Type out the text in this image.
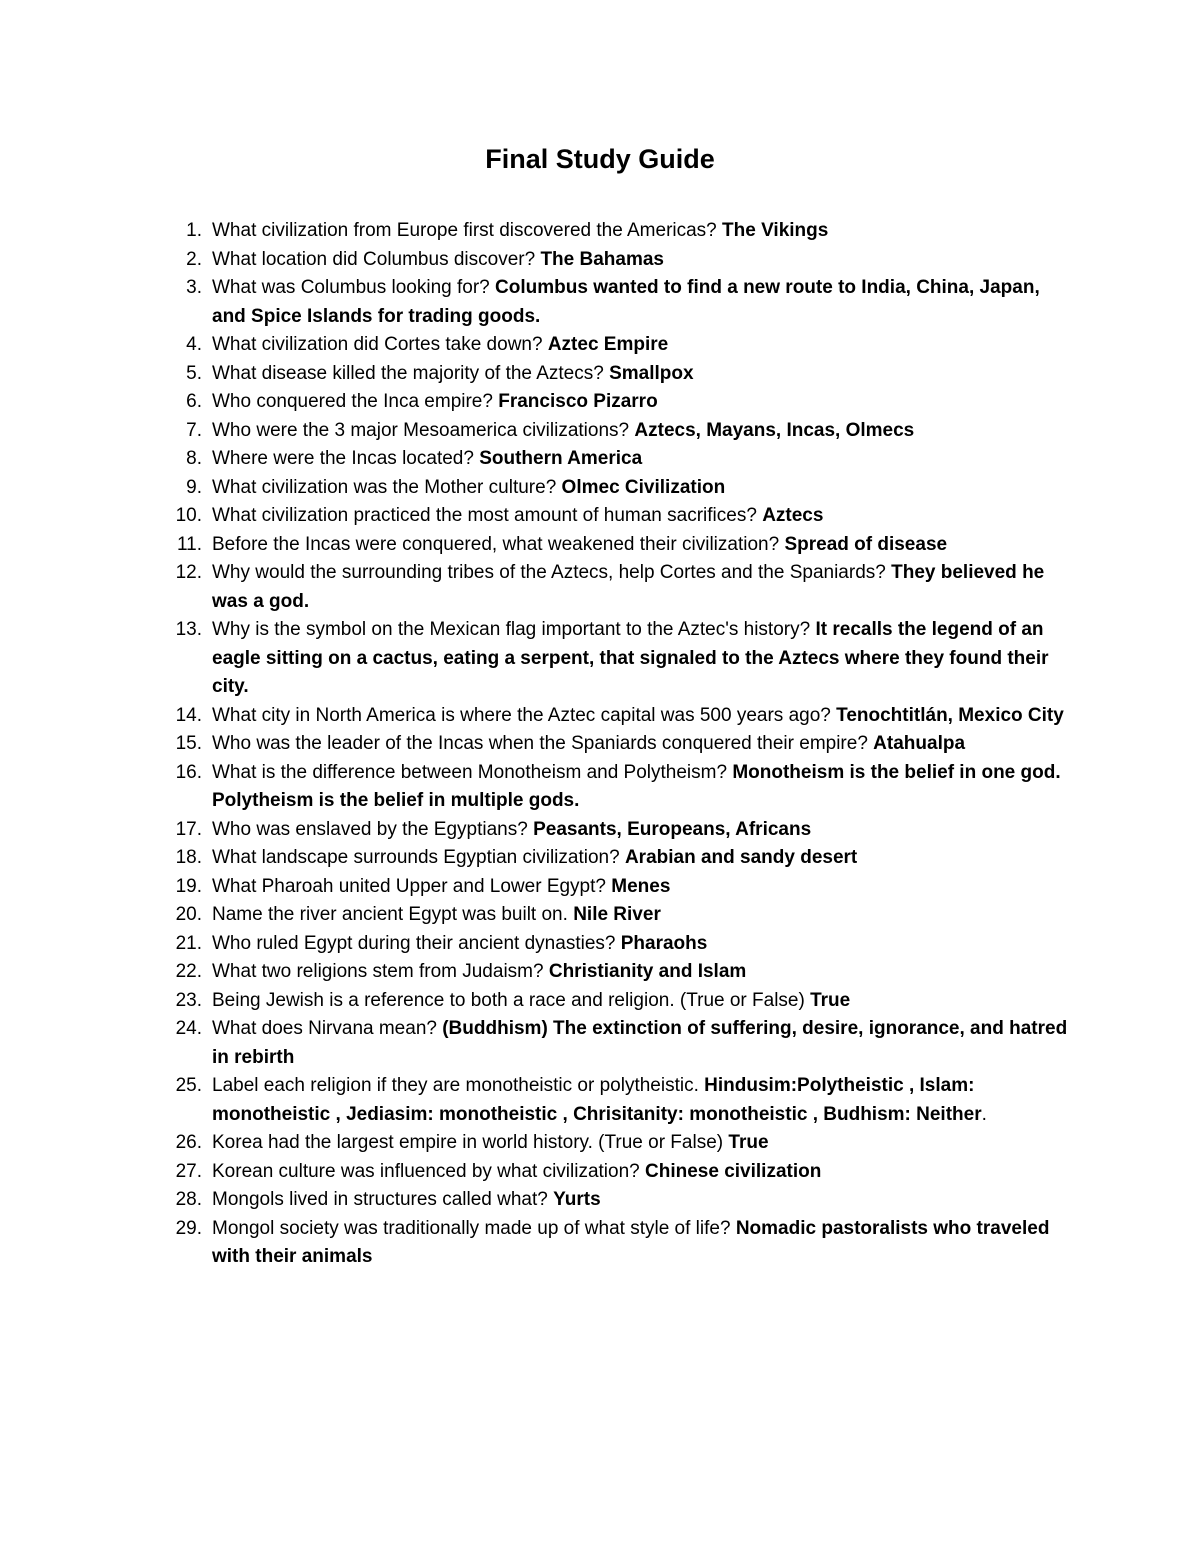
Final Study Guide
1. What civilization from Europe first discovered the Americas? The Vikings
2. What location did Columbus discover? The Bahamas
3. What was Columbus looking for? Columbus wanted to find a new route to India, China, Japan, and Spice Islands for trading goods.
4. What civilization did Cortes take down? Aztec Empire
5. What disease killed the majority of the Aztecs? Smallpox
6. Who conquered the Inca empire? Francisco Pizarro
7. Who were the 3 major Mesoamerica civilizations? Aztecs, Mayans, Incas, Olmecs
8. Where were the Incas located? Southern America
9. What civilization was the Mother culture? Olmec Civilization
10. What civilization practiced the most amount of human sacrifices? Aztecs
11. Before the Incas were conquered, what weakened their civilization? Spread of disease
12. Why would the surrounding tribes of the Aztecs, help Cortes and the Spaniards? They believed he was a god.
13. Why is the symbol on the Mexican flag important to the Aztec's history? It recalls the legend of an eagle sitting on a cactus, eating a serpent, that signaled to the Aztecs where they found their city.
14. What city in North America is where the Aztec capital was 500 years ago? Tenochtitlán, Mexico City
15. Who was the leader of the Incas when the Spaniards conquered their empire? Atahualpa
16. What is the difference between Monotheism and Polytheism? Monotheism is the belief in one god. Polytheism is the belief in multiple gods.
17. Who was enslaved by the Egyptians? Peasants, Europeans, Africans
18. What landscape surrounds Egyptian civilization? Arabian and sandy desert
19. What Pharoah united Upper and Lower Egypt? Menes
20. Name the river ancient Egypt was built on. Nile River
21. Who ruled Egypt during their ancient dynasties? Pharaohs
22. What two religions stem from Judaism? Christianity and Islam
23. Being Jewish is a reference to both a race and religion. (True or False) True
24. What does Nirvana mean? (Buddhism) The extinction of suffering, desire, ignorance, and hatred in rebirth
25. Label each religion if they are monotheistic or polytheistic. Hindusim:Polytheistic , Islam: monotheistic , Jediasim: monotheistic , Chrisitanity: monotheistic , Budhism: Neither.
26. Korea had the largest empire in world history. (True or False) True
27. Korean culture was influenced by what civilization? Chinese civilization
28. Mongols lived in structures called what? Yurts
29. Mongol society was traditionally made up of what style of life? Nomadic pastoralists who traveled with their animals
